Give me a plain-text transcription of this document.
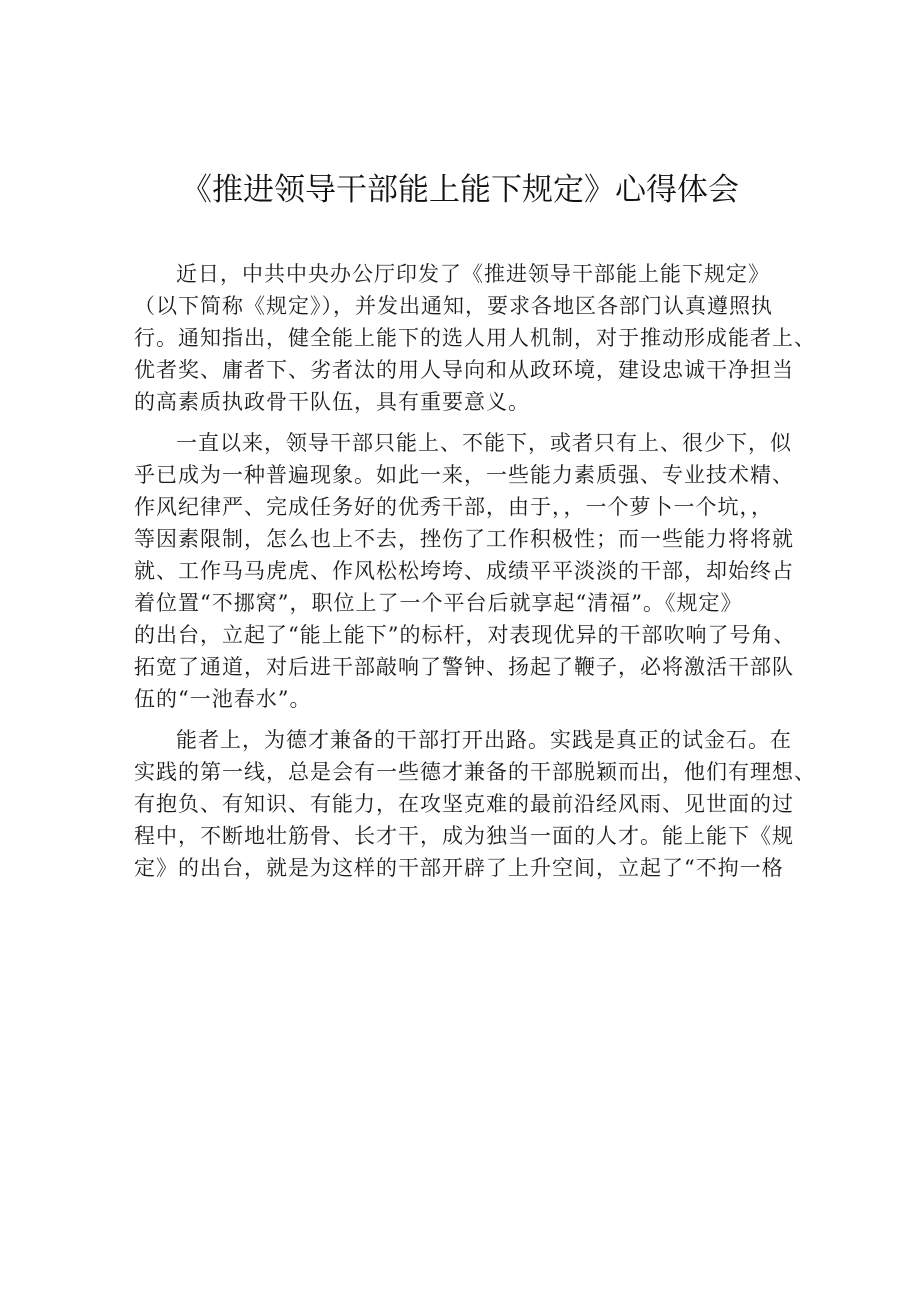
《推进领导干部能上能下规定》心得体会

近日，中共中央办公厅印发了《推进领导干部能上能下规定》
（以下简称《规定》），并发出通知，要求各地区各部门认真遵照执
行。通知指出，健全能上能下的选人用人机制，对于推动形成能者上、
优者奖、庸者下、劣者汰的用人导向和从政环境，建设忠诚干净担当
的高素质执政骨干队伍，具有重要意义。

一直以来，领导干部只能上、不能下，或者只有上、很少下，似
乎已成为一种普遍现象。如此一来，一些能力素质强、专业技术精、
作风纪律严、完成任务好的优秀干部，由于，，一个萝卜一个坑，，
等因素限制，怎么也上不去，挫伤了工作积极性；而一些能力将将就
就、工作马马虎虎、作风松松垮垮、成绩平平淡淡的干部，却始终占
着位置“不挪窝”，职位上了一个平台后就享起“清福”。《规定》
的出台，立起了“能上能下”的标杆，对表现优异的干部吹响了号角、
拓宽了通道，对后进干部敲响了警钟、扬起了鞭子，必将激活干部队
伍的“一池春水”。

能者上，为德才兼备的干部打开出路。实践是真正的试金石。在
实践的第一线，总是会有一些德才兼备的干部脱颖而出，他们有理想、
有抱负、有知识、有能力，在攻坚克难的最前沿经风雨、见世面的过
程中，不断地壮筋骨、长才干，成为独当一面的人才。能上能下《规
定》的出台，就是为这样的干部开辟了上升空间，立起了“不拘一格
